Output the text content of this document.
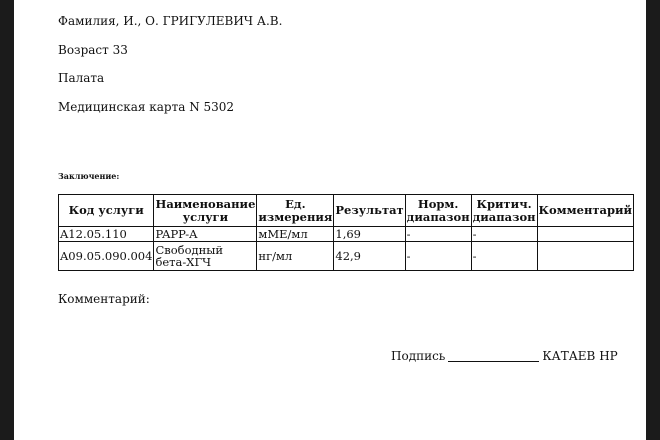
Фамилия, И., О. ГРИГУЛЕВИЧ А.В.
Возраст 33
Палата
Медицинская карта N 5302
Заключение:
Код услуги	Наименование услуги	Ед. измерения	Результат	Норм. диапазон	Критич. диапазон	Комментарий
A12.05.110	PAPP-A	мМЕ/мл	1,69	-	-	
A09.05.090.004	Свободный бета-ХГЧ	нг/мл	42,9	-	-	
Комментарий:
Подпись	КАТАЕВ НР
